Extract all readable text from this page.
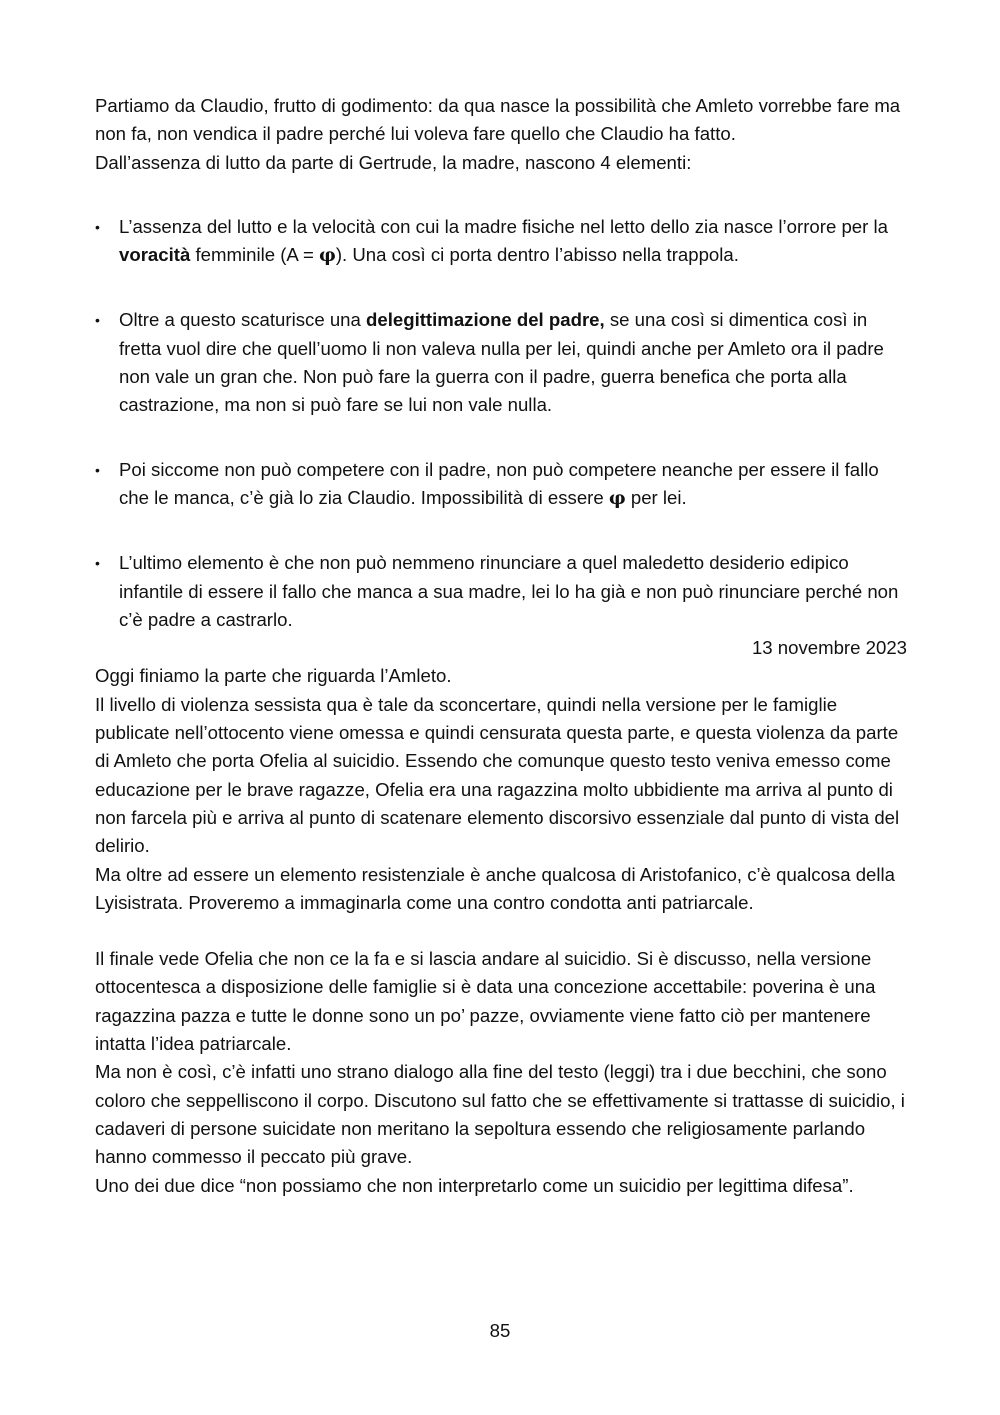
Partiamo da Claudio, frutto di godimento: da qua nasce la possibilità che Amleto vorrebbe fare ma non fa, non vendica il padre perché lui voleva fare quello che Claudio ha fatto.

Dall’assenza di lutto da parte di Gertrude, la madre, nascono 4 elementi:

• L’assenza del lutto e la velocità con cui la madre fisiche nel letto dello zia nasce l’orrore per la voracità femminile (A = φ). Una così ci porta dentro l’abisso nella trappola.
• Oltre a questo scaturisce una delegittimazione del padre, se una così si dimentica così in fretta vuol dire che quell’uomo li non valeva nulla per lei, quindi anche per Amleto ora il padre non vale un gran che. Non può fare la guerra con il padre, guerra benefica che porta alla castrazione, ma non si può fare se lui non vale nulla.
• Poi siccome non può competere con il padre, non può competere neanche per essere il fallo che le manca, c’è già lo zia Claudio. Impossibilità di essere φ per lei.
• L’ultimo elemento è che non può nemmeno rinunciare a quel maledetto desiderio edipico infantile di essere il fallo che manca a sua madre, lei lo ha già e non può rinunciare perché non c’è padre a castrarlo.

13 novembre 2023

Oggi finiamo la parte che riguarda l’Amleto.

Il livello di violenza sessista qua è tale da sconcertare, quindi nella versione per le famiglie publicate nell’ottocento viene omessa e quindi censurata questa parte, e questa violenza da parte di Amleto che porta Ofelia al suicidio. Essendo che comunque questo testo veniva emesso come educazione per le brave ragazze, Ofelia era una ragazzina molto ubbidiente ma arriva al punto di non farcela più e arriva al punto di scatenare elemento discorsivo essenziale dal punto di vista del delirio.

Ma oltre ad essere un elemento resistenziale è anche qualcosa di Aristofanico, c’è qualcosa della Lyisistrata. Proveremo a immaginarla come una contro condotta anti patriarcale.

Il finale vede Ofelia che non ce la fa e si lascia andare al suicidio. Si è discusso, nella versione ottocentesca a disposizione delle famiglie si è data una concezione accettabile: poverina è una ragazzina pazza e tutte le donne sono un po’ pazze, ovviamente viene fatto ciò per mantenere intatta l’idea patriarcale.

Ma non è così, c’è infatti uno strano dialogo alla fine del testo (leggi) tra i due becchini, che sono coloro che seppelliscono il corpo. Discutono sul fatto che se effettivamente si trattasse di suicidio, i cadaveri di persone suicidate non meritano la sepoltura essendo che religiosamente parlando hanno commesso il peccato più grave.

Uno dei due dice “non possiamo che non interpretarlo come un suicidio per legittima difesa”.

85
